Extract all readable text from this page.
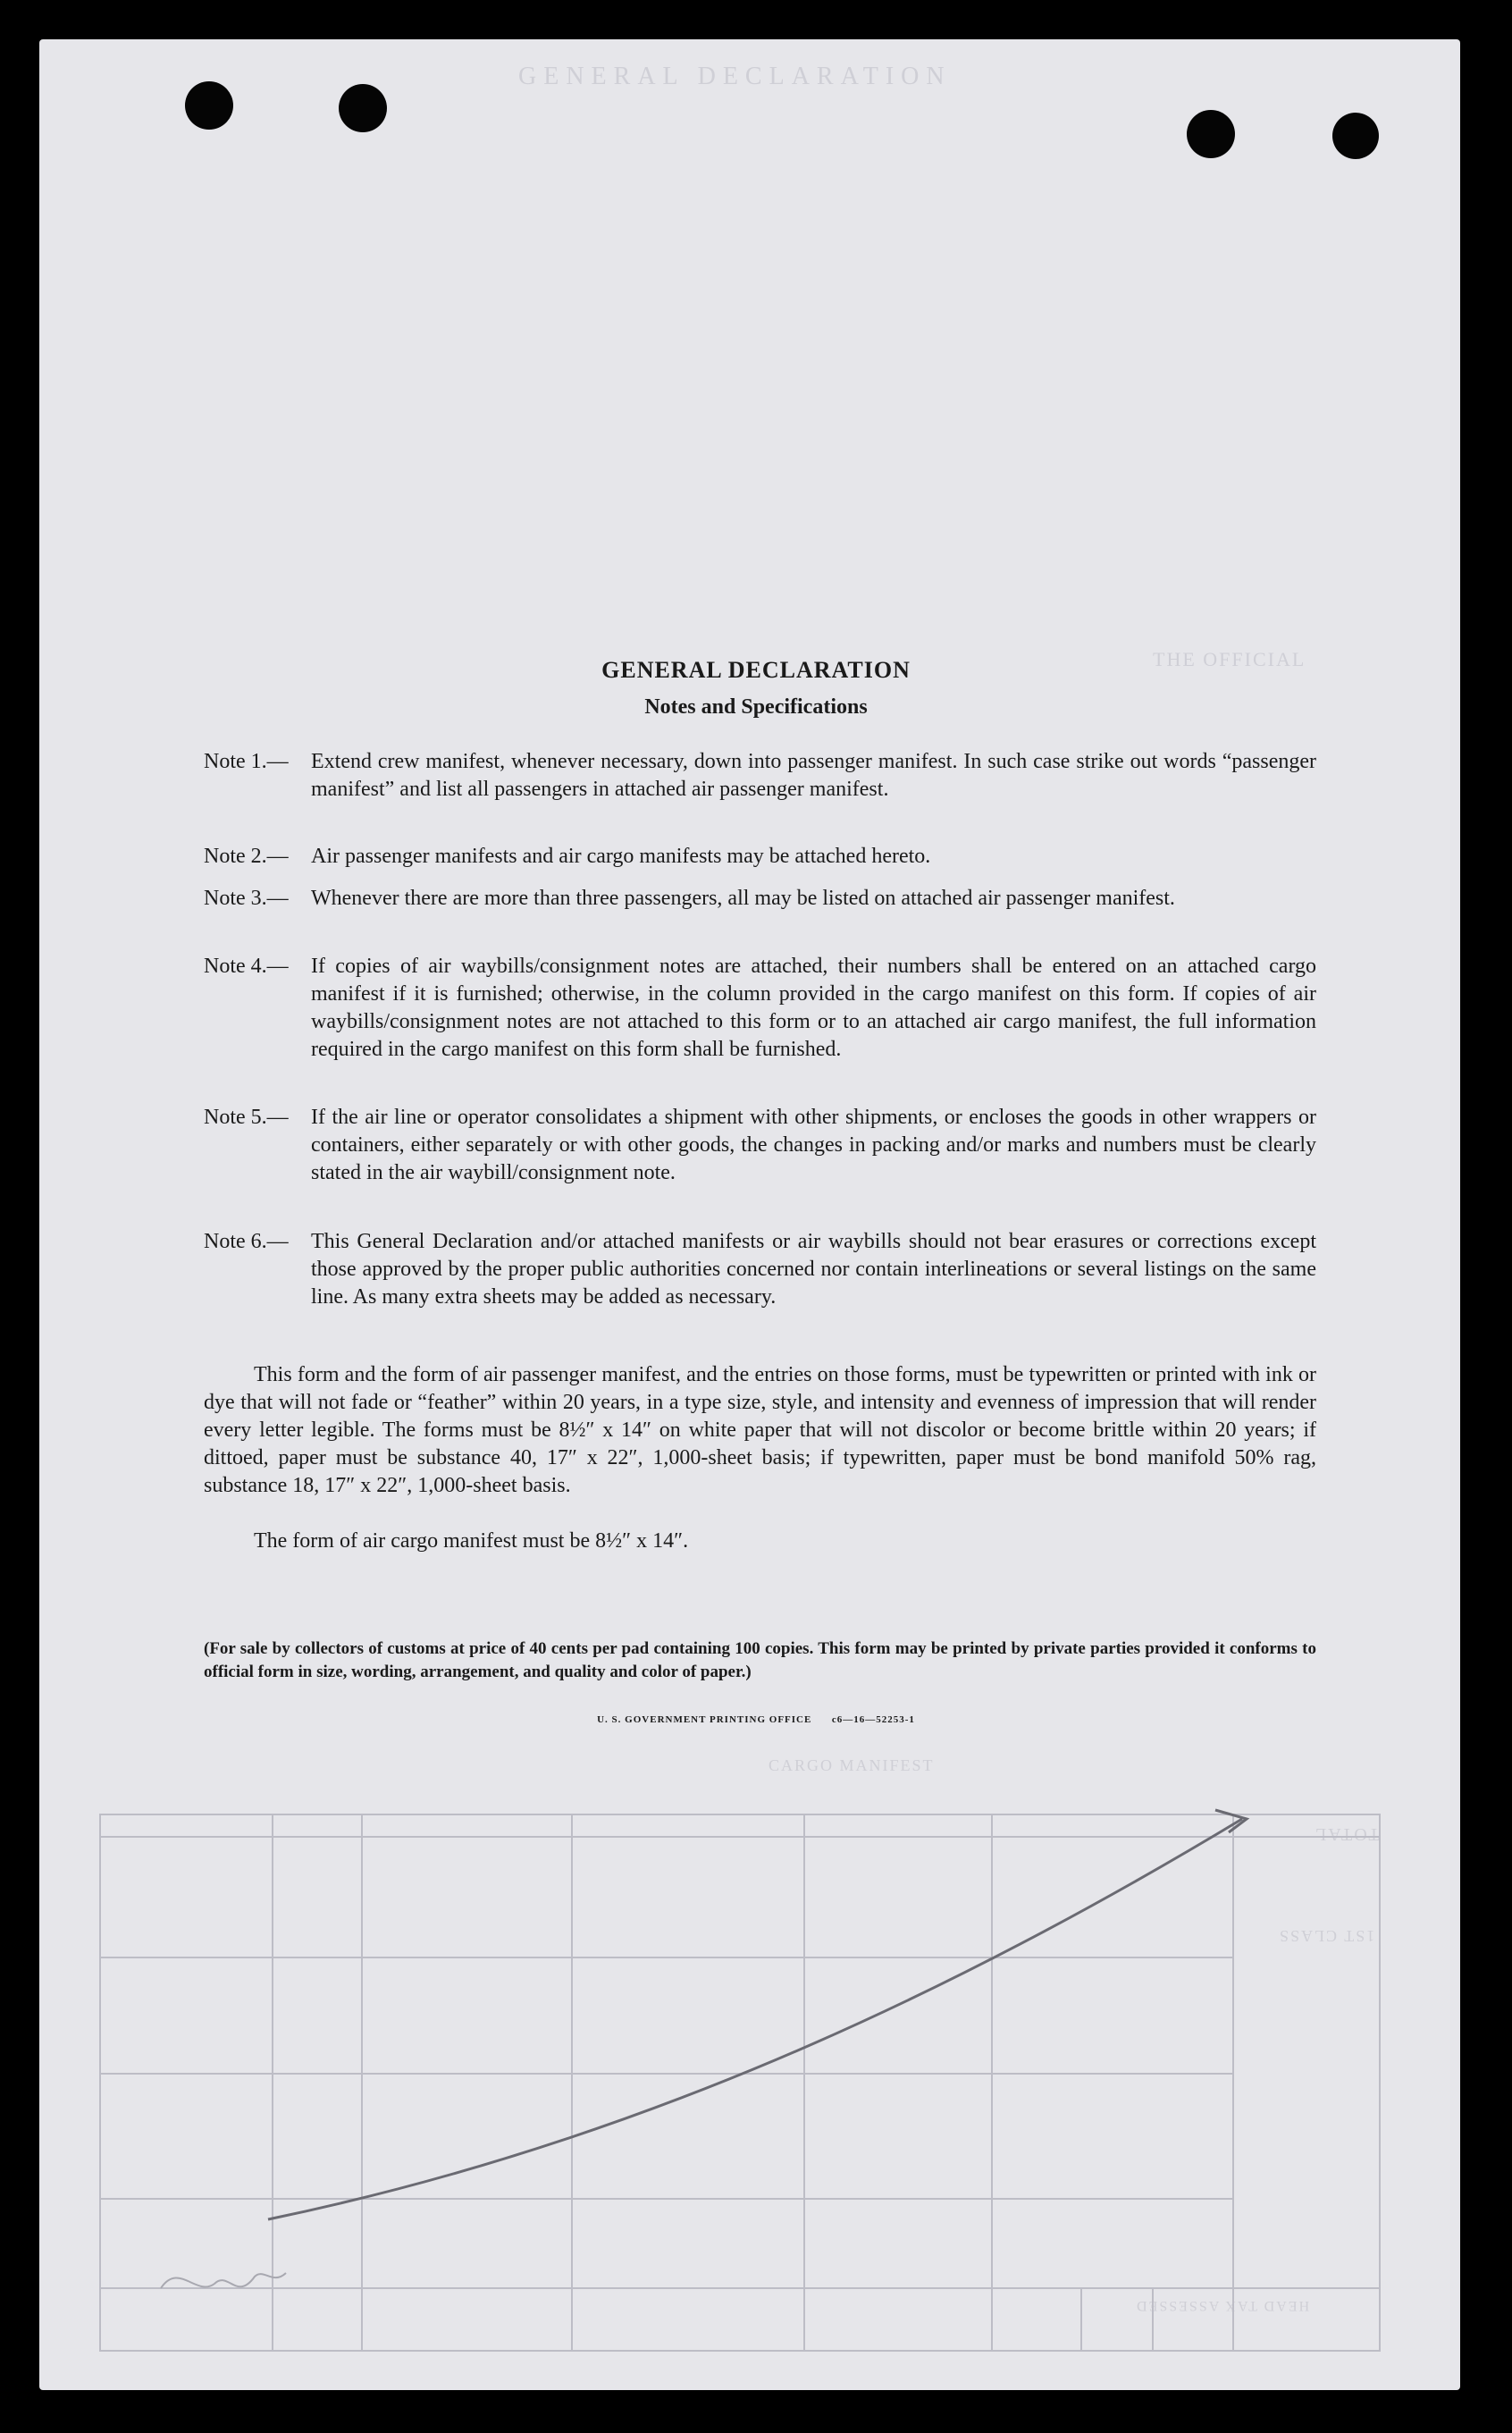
GENERAL DECLARATION
THE OFFICIAL
CARGO MANIFEST
TOTAL
1ST CLASS
HEAD TAX ASSESSED
GENERAL DECLARATION
Notes and Specifications
Note 1.— Extend crew manifest, whenever necessary, down into passenger manifest. In such case strike out words “passenger manifest” and list all passengers in attached air passenger manifest.
Note 2.— Air passenger manifests and air cargo manifests may be attached hereto.
Note 3.— Whenever there are more than three passengers, all may be listed on attached air passenger manifest.
Note 4.— If copies of air waybills/consignment notes are attached, their numbers shall be entered on an attached cargo manifest if it is furnished; otherwise, in the column provided in the cargo manifest on this form. If copies of air waybills/consignment notes are not attached to this form or to an attached air cargo manifest, the full information required in the cargo manifest on this form shall be furnished.
Note 5.— If the air line or operator consolidates a shipment with other shipments, or encloses the goods in other wrappers or containers, either separately or with other goods, the changes in packing and/or marks and numbers must be clearly stated in the air waybill/consignment note.
Note 6.— This General Declaration and/or attached manifests or air waybills should not bear erasures or corrections except those approved by the proper public authorities concerned nor contain interlineations or several listings on the same line. As many extra sheets may be added as necessary.
This form and the form of air passenger manifest, and the entries on those forms, must be typewritten or printed with ink or dye that will not fade or “feather” within 20 years, in a type size, style, and intensity and evenness of impression that will render every letter legible. The forms must be 8½″ x 14″ on white paper that will not discolor or become brittle within 20 years; if dittoed, paper must be substance 40, 17″ x 22″, 1,000-sheet basis; if typewritten, paper must be bond manifold 50% rag, substance 18, 17″ x 22″, 1,000-sheet basis.
The form of air cargo manifest must be 8½″ x 14″.
(For sale by collectors of customs at price of 40 cents per pad containing 100 copies. This form may be printed by private parties provided it conforms to official form in size, wording, arrangement, and quality and color of paper.)
U. S. GOVERNMENT PRINTING OFFICE c6—16—52253-1
